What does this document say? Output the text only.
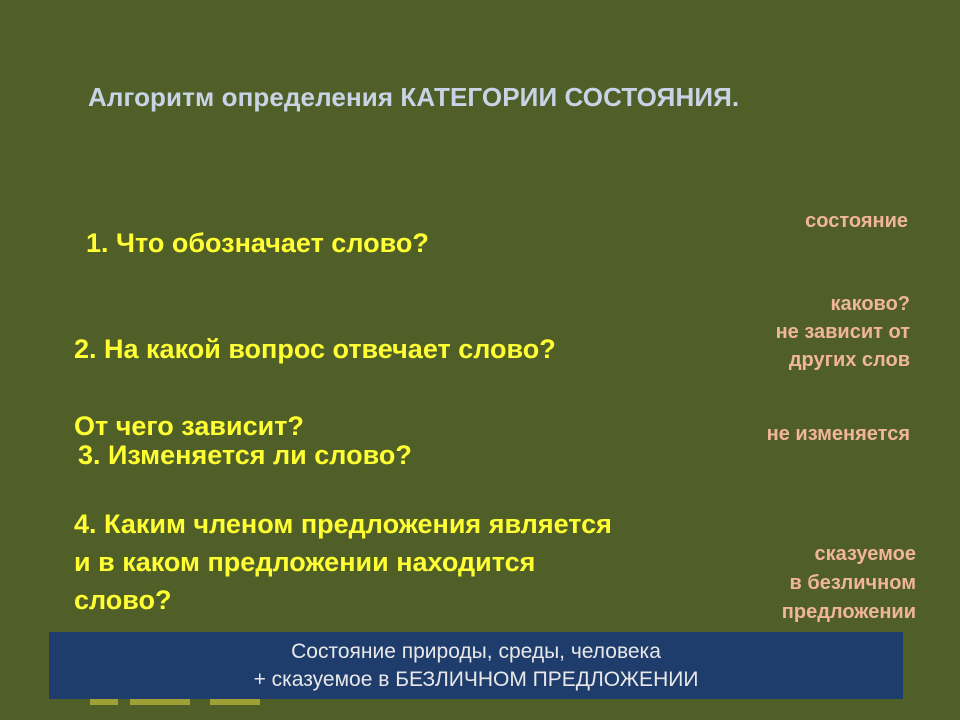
Алгоритм определения КАТЕГОРИИ СОСТОЯНИЯ.
1. Что обозначает слово?
2. На какой вопрос отвечает слово?
От чего зависит?
3. Изменяется ли слово?
4. Каким членом предложения является
и в каком предложении находится
слово?
состояние
каково?
не зависит от
других слов
не изменяется
сказуемое
в безличном
предложении
Состояние природы, среды, человека
+ сказуемое в БЕЗЛИЧНОМ ПРЕДЛОЖЕНИИ
